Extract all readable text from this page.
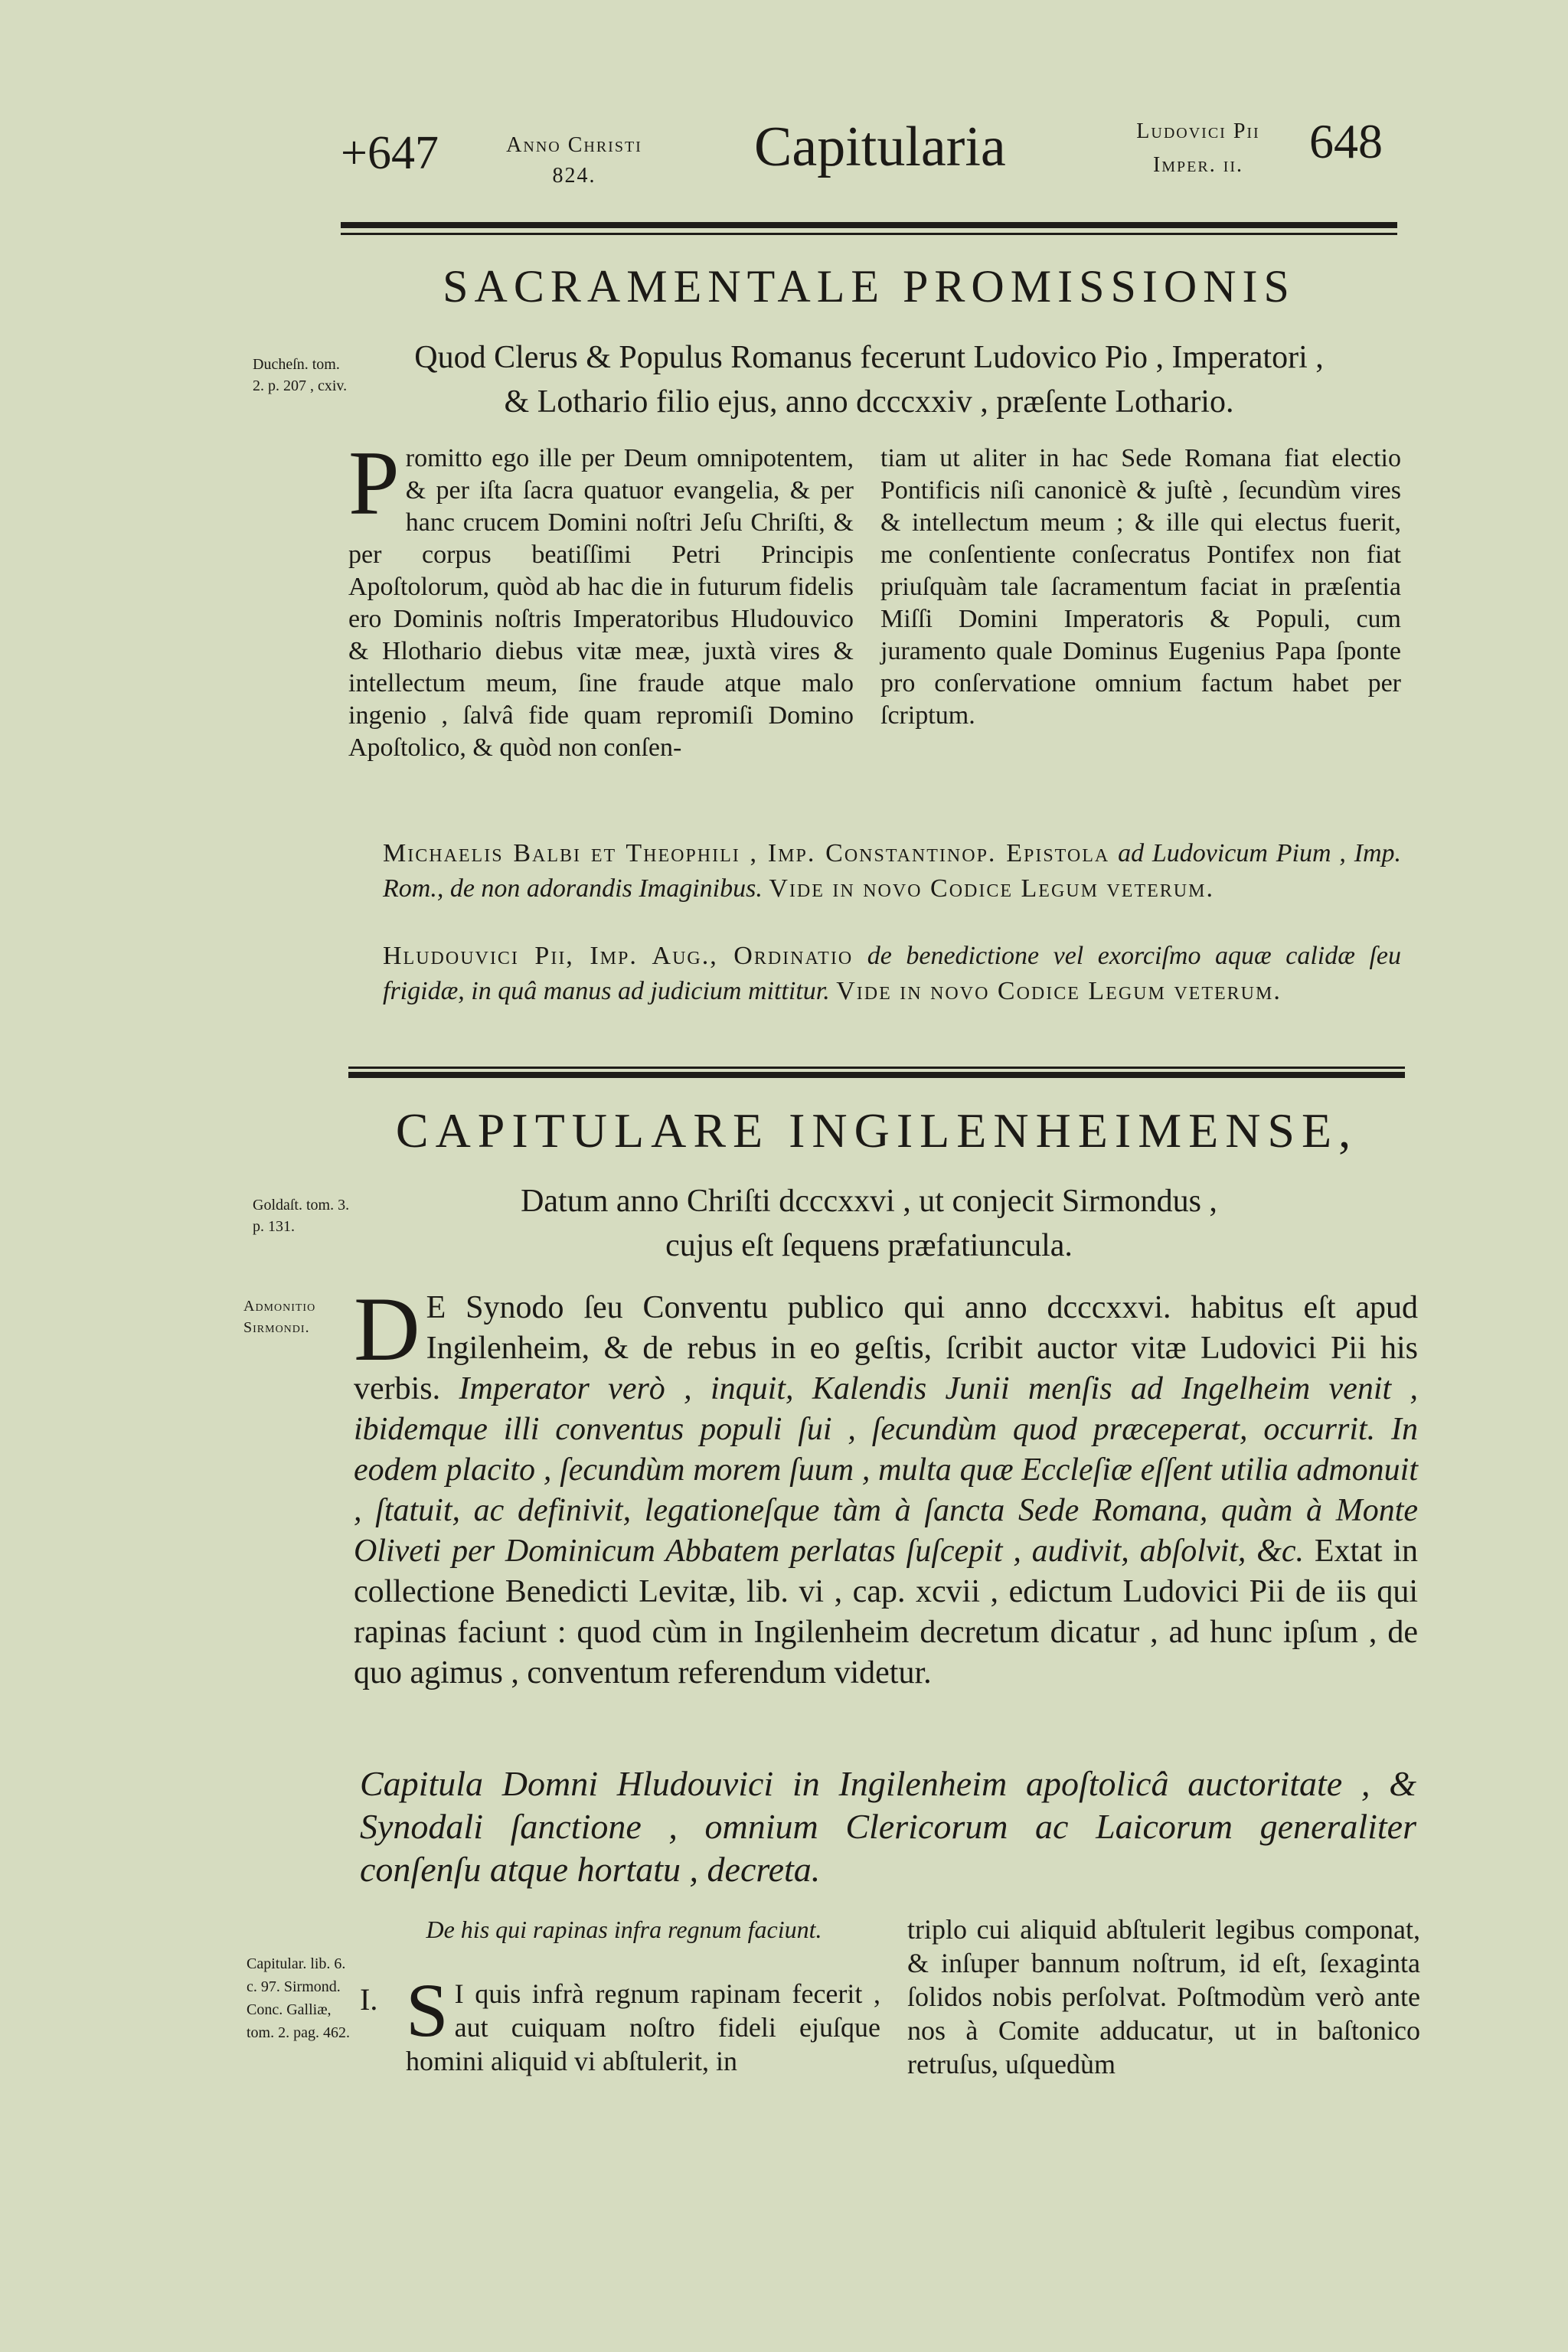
+647	Anno Christi
824.	Capitularia	Ludovici Pii
Imper. ii.	648
SACRAMENTALE PROMISSIONIS
Ducheſn. tom. 2. p. 207 , cxiv.
Quod Clerus & Populus Romanus fecerunt Ludovico Pio , Imperatori ,
& Lothario filio ejus, anno dcccxxiv , præſente Lothario.
P romitto ego ille per Deum omnipotentem, & per iſta ſacra quatuor evangelia, & per hanc crucem Domini noſtri Jeſu Chriſti, & per corpus beatiſſimi Petri Principis Apoſtolorum, quòd ab hac die in futurum fidelis ero Dominis noſtris Imperatoribus Hludouvico & Hlothario diebus vitæ meæ, juxtà vires & intellectum meum, ſine fraude atque malo ingenio , ſalvâ fide quam repromiſi Domino Apoſtolico, & quòd non conſen-
tiam ut aliter in hac Sede Romana fiat electio Pontificis niſi canonicè & juſtè , ſecundùm vires & intellectum meum ; & ille qui electus fuerit, me conſentiente conſecratus Pontifex non fiat priuſquàm tale ſacramentum faciat in præſentia Miſſi Domini Imperatoris & Populi, cum juramento quale Dominus Eugenius Papa ſponte pro conſervatione omnium factum habet per ſcriptum.
Michaelis Balbi et Theophili , Imp. Constantinop. Epistola ad Ludovicum Pium , Imp. Rom., de non adorandis Imaginibus. Vide in novo Codice Legum veterum.
Hludouvici Pii, Imp. Aug., Ordinatio de benedictione vel exorciſmo aquæ calidæ ſeu frigidæ, in quâ manus ad judicium mittitur. Vide in novo Codice Legum veterum.
CAPITULARE INGILENHEIMENSE,
Goldaſt. tom. 3. p. 131.
Admonitio Sirmondi.
Datum anno Chriſti dcccxxvi , ut conjecit Sirmondus ,
cujus eſt ſequens præfatiuncula.
D E Synodo ſeu Conventu publico qui anno dcccxxvi. habitus eſt apud Ingilenheim, & de rebus in eo geſtis, ſcribit auctor vitæ Ludovici Pii his verbis. Imperator verò , inquit, Kalendis Junii menſis ad Ingelheim venit , ibidemque illi conventus populi ſui , ſecundùm quod præceperat, occurrit. In eodem placito , ſecundùm morem ſuum , multa quæ Eccleſiæ eſſent utilia admonuit , ſtatuit, ac definivit, legationeſque tàm à ſancta Sede Romana, quàm à Monte Oliveti per Dominicum Abbatem perlatas ſuſcepit , audivit, abſolvit, &c. Extat in collectione Benedicti Levitæ, lib. vi , cap. xcvii , edictum Ludovici Pii de iis qui rapinas faciunt : quod cùm in Ingilenheim decretum dicatur , ad hunc ipſum , de quo agimus , conventum referendum videtur.
Capitula Domni Hludouvici in Ingilenheim apoſtolicâ auctoritate , & Synodali ſanctione , omnium Clericorum ac Laicorum generaliter conſenſu atque hortatu , decreta.
Capitular. lib. 6. c. 97. Sirmond. Conc. Galliæ, tom. 2. pag. 462.
De his qui rapinas infra regnum faciunt.
I. S I quis infrà regnum rapinam fecerit , aut cuiquam noſtro fideli ejuſque homini aliquid vi abſtulerit, in
triplo cui aliquid abſtulerit legibus componat, & inſuper bannum noſtrum, id eſt, ſexaginta ſolidos nobis perſolvat. Poſtmodùm verò ante nos à Comite adducatur, ut in baſtonico retruſus, uſquedùm
